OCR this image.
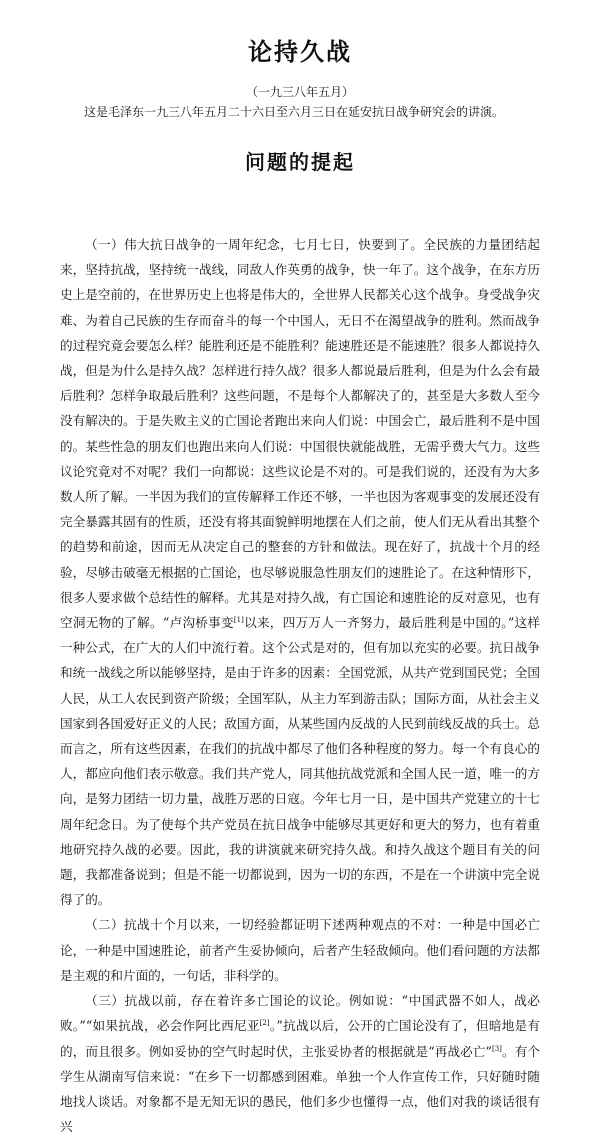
论持久战
（一九三八年五月）
这是毛泽东一九三八年五月二十六日至六月三日在延安抗日战争研究会的讲演。
问题的提起

（一）伟大抗日战争的一周年纪念，七月七日，快要到了。全民族的力量团结起来，坚持抗战，坚持统一战线，同敌人作英勇的战争，快一年了。这个战争，在东方历史上是空前的，在世界历史上也将是伟大的，全世界人民都关心这个战争。身受战争灾难、为着自己民族的生存而奋斗的每一个中国人，无日不在渴望战争的胜利。然而战争的过程究竟会要怎么样？能胜利还是不能胜利？能速胜还是不能速胜？很多人都说持久战，但是为什么是持久战？怎样进行持久战？很多人都说最后胜利，但是为什么会有最后胜利？怎样争取最后胜利？这些问题，不是每个人都解决了的，甚至是大多数人至今没有解决的。于是失败主义的亡国论者跑出来向人们说：中国会亡，最后胜利不是中国的。某些性急的朋友们也跑出来向人们说：中国很快就能战胜，无需乎费大气力。这些议论究竟对不对呢？我们一向都说：这些议论是不对的。可是我们说的，还没有为大多数人所了解。一半因为我们的宣传解释工作还不够，一半也因为客观事变的发展还没有完全暴露其固有的性质，还没有将其面貌鲜明地摆在人们之前，使人们无从看出其整个的趋势和前途，因而无从决定自己的整套的方针和做法。现在好了，抗战十个月的经验，尽够击破毫无根据的亡国论，也尽够说服急性朋友们的速胜论了。在这种情形下，很多人要求做个总结性的解释。尤其是对持久战，有亡国论和速胜论的反对意见，也有空洞无物的了解。“卢沟桥事变[1]以来，四万万人一齐努力，最后胜利是中国的。”这样一种公式，在广大的人们中流行着。这个公式是对的，但有加以充实的必要。抗日战争和统一战线之所以能够坚持，是由于许多的因素：全国党派，从共产党到国民党；全国人民，从工人农民到资产阶级；全国军队，从主力军到游击队；国际方面，从社会主义国家到各国爱好正义的人民；敌国方面，从某些国内反战的人民到前线反战的兵士。总而言之，所有这些因素，在我们的抗战中都尽了他们各种程度的努力。每一个有良心的人，都应向他们表示敬意。我们共产党人，同其他抗战党派和全国人民一道，唯一的方向，是努力团结一切力量，战胜万恶的日寇。今年七月一日，是中国共产党建立的十七周年纪念日。为了使每个共产党员在抗日战争中能够尽其更好和更大的努力，也有着重地研究持久战的必要。因此，我的讲演就来研究持久战。和持久战这个题目有关的问题，我都准备说到；但是不能一切都说到，因为一切的东西，不是在一个讲演中完全说得了的。

（二）抗战十个月以来，一切经验都证明下述两种观点的不对：一种是中国必亡论，一种是中国速胜论，前者产生妥协倾向，后者产生轻敌倾向。他们看问题的方法都是主观的和片面的，一句话，非科学的。

（三）抗战以前，存在着许多亡国论的议论。例如说：“中国武器不如人，战必败。”“如果抗战，必会作阿比西尼亚[2]。”抗战以后，公开的亡国论没有了，但暗地是有的，而且很多。例如妥协的空气时起时伏，主张妥协者的根据就是“再战必亡”[3]。有个学生从湖南写信来说：“在乡下一切都感到困难。单独一个人作宣传工作，只好随时随地找人谈话。对象都不是无知无识的愚民，他们多少也懂得一点，他们对我的谈话很有兴
